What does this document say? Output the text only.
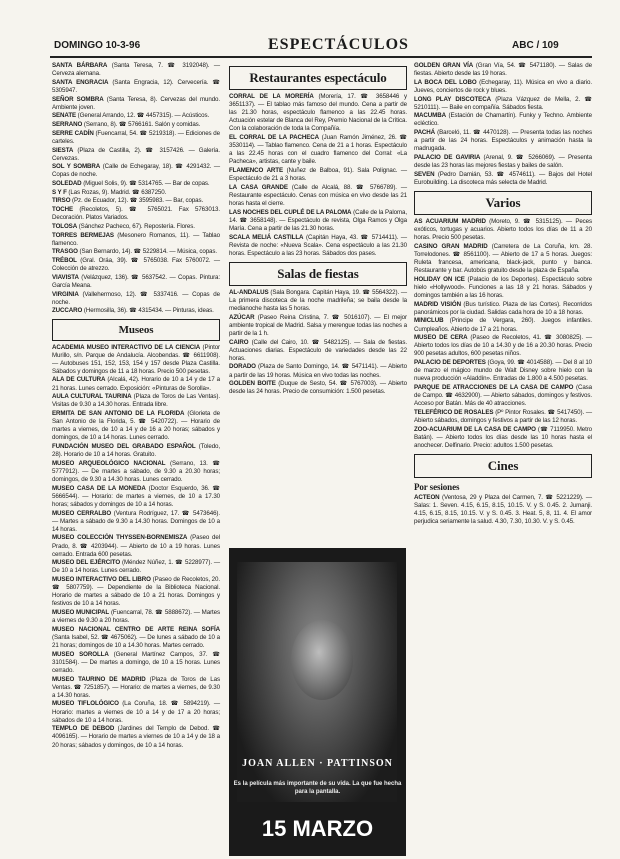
DOMINGO 10-3-96	ESPECTÁCULOS	ABC / 109
SANTA BÁRBARA (Santa Teresa, 7. ☎ 3192048). — Cerveza alemana.
SANTA ENGRACIA (Santa Engracia, 12). Cervecería. ☎ 5305947.
SEÑOR SOMBRA (Santa Teresa, 8). Cervezas del mundo. Ambiente joven.
SENATE (General Arrando, 12. ☎ 4457315). — Acústicos.
SERRANO (Serrano, 8). ☎ 5766161. Salón y comidas.
SERRE CADÍN (Fuencarral, 54. ☎ 5219318). — Ediciones de carteles.
SIESTA (Plaza de Castilla, 2). ☎ 3157426. — Galería. Cervezas.
SOL Y SOMBRA (Calle de Echegaray, 18). ☎ 4291432. — Copas de noche.
SOLEDAD (Miguel Solis, 9). ☎ 5314765. — Bar de copas.
S Y F (Las Rozas, 9). Madrid. ☎ 6387250.
TIRSO (Pz. de Ecuador, 12). ☎ 3595983. — Bar, copas.
TOCHE (Recoletos, 5). ☎ 5765021. Fax 5763013. Decoración. Platos Variados.
TOLOSA (Sánchez Pacheco, 67). Repostería. Flores.
TORRES BERMEJAS (Mesonero Romanos, 11). — Tablao flamenco.
TRASGO (San Bernardo, 14). ☎ 5229814. — Música, copas.
TRÉBOL (Gral. Oráa, 39). ☎ 5765038. Fax 5760072. — Colección de atrezzo.
VIAVISTA (Velázquez, 136). ☎ 5637542. — Copas. Pintura: García Meana.
VIRGINIA (Vallehermoso, 12). ☎ 5337416. — Copas de noche.
ZUCCARO (Hermosilla, 36). ☎ 4315434. — Pinturas, ideas.
Museos
ACADEMIA MUSEO INTERACTIVO DE LA CIENCIA (Pintor Murillo, s/n. Parque de Andalucía. Alcobendas. ☎ 6611908). — Autobuses 151, 152, 153, 154 y 157 desde Plaza Castilla. Sábados y domingos de 11 a 18 horas. Precio 500 pesetas.
ALA DE CULTURA (Alcalá, 42). Horario de 10 a 14 y de 17 a 21 horas. Lunes cerrado. Exposición: «Pinturas de Sorolla».
AULA CULTURAL TAURINA (Plaza de Toros de Las Ventas). Visitas de 9.30 a 14.30 horas. Entrada libre.
ERMITA DE SAN ANTONIO DE LA FLORIDA (Glorieta de San Antonio de la Florida, 5. ☎ 5420722). — Horario de martes a viernes, de 10 a 14 y de 16 a 20 horas; sábados y domingos, de 10 a 14 horas. Lunes cerrado.
FUNDACIÓN MUSEO DEL GRABADO ESPAÑOL (Toledo, 28). Horario de 10 a 14 horas. Gratuito.
MUSEO ARQUEOLÓGICO NACIONAL (Serrano, 13. ☎ 5777912). — De martes a sábado, de 9.30 a 20.30 horas; domingos, de 9.30 a 14.30 horas. Lunes cerrado.
MUSEO CASA DE LA MONEDA (Doctor Esquerdo, 36. ☎ 5666544). — Horario: de martes a viernes, de 10 a 17.30 horas; sábados y domingos de 10 a 14 horas.
MUSEO CERRALBO (Ventura Rodríguez, 17. ☎ 5473646). — Martes a sábado de 9.30 a 14.30 horas. Domingos de 10 a 14 horas.
MUSEO COLECCIÓN THYSSEN-BORNEMISZA (Paseo del Prado, 8. ☎ 4203944). — Abierto de 10 a 19 horas. Lunes cerrado. Entrada 600 pesetas.
MUSEO DEL EJÉRCITO (Méndez Núñez, 1. ☎ 5228977). — De 10 a 14 horas. Lunes cerrado.
MUSEO INTERACTIVO DEL LIBRO (Paseo de Recoletos, 20. ☎ 5807759). — Dependiente de la Biblioteca Nacional. Horario de martes a sábado de 10 a 21 horas. Domingos y festivos de 10 a 14 horas.
MUSEO MUNICIPAL (Fuencarral, 78. ☎ 5888672). — Martes a viernes de 9.30 a 20 horas.
MUSEO NACIONAL CENTRO DE ARTE REINA SOFÍA (Santa Isabel, 52. ☎ 4675062). — De lunes a sábado de 10 a 21 horas; domingos de 10 a 14.30 horas. Martes cerrado.
MUSEO SOROLLA (General Martínez Campos, 37. ☎ 3101584). — De martes a domingo, de 10 a 15 horas. Lunes cerrado.
MUSEO TAURINO DE MADRID (Plaza de Toros de Las Ventas. ☎ 7251857). — Horario: de martes a viernes, de 9.30 a 14.30 horas.
MUSEO TIFLOLÓGICO (La Coruña, 18. ☎ 5894219). — Horario: martes a viernes de 10 a 14 y de 17 a 20 horas; sábados de 10 a 14 horas.
TEMPLO DE DEBOD (Jardines del Templo de Debod. ☎ 4096165). — Horario de martes a viernes de 10 a 14 y de 18 a 20 horas; sábados y domingos, de 10 a 14 horas.
Restaurantes espectáculo
CORRAL DE LA MORERÍA (Morería, 17. ☎ 3658446 y 3651137). — El tablao más famoso del mundo. Cena a partir de las 21.30 horas, espectáculo flamenco a las 22.45 horas. Actuación estelar de Blanca del Rey, Premio Nacional de la Crítica. Con la colaboración de toda la Compañía.
EL CORRAL DE LA PACHECA (Juan Ramón Jiménez, 26. ☎ 3530114). — Tablao flamenco. Cena de 21 a 1 horas. Espectáculo a las 22.45 horas con el cuadro flamenco del Corral: «La Pacheca», artistas, cante y baile.
FLAMENCO ARTE (Nuñez de Balboa, 91). Sala Polignac. — Espectáculo de 21 a 3 horas.
LA CASA GRANDE (Calle de Alcalá, 88. ☎ 5766789). — Restaurante espectáculo. Cenas con música en vivo desde las 21 horas hasta el cierre.
LAS NOCHES DEL CUPLÉ DE LA PALOMA (Calle de la Paloma, 14. ☎ 3658148). — Espectáculo de revista, Olga Ramos y Olga María. Cena a partir de las 21.30 horas.
SCALA MELIÁ CASTILLA (Capitán Haya, 43. ☎ 5714411). — Revista de noche: «Nueva Scala». Cena espectáculo a las 21.30 horas. Espectáculo a las 23 horas. Sábados dos pases.
Salas de fiestas
AL-ANDALUS (Sala Bongara. Capitán Haya, 19. ☎ 5564322). — La primera discoteca de la noche madrileña; se baila desde la medianoche hasta las 5 horas.
AZÚCAR (Paseo Reina Cristina, 7. ☎ 5016107). — El mejor ambiente tropical de Madrid. Salsa y merengue todas las noches a partir de la 1 h.
CAIRO (Calle del Cairo, 10. ☎ 5482125). — Sala de fiestas. Actuaciones diarias. Espectáculo de variedades desde las 22 horas.
DORADO (Plaza de Santo Domingo, 14. ☎ 5471141). — Abierto a partir de las 19 horas. Música en vivo todas las noches.
GOLDEN BOITE (Duque de Sesto, 54. ☎ 5767003). — Abierto desde las 24 horas. Precio de consumición: 1.500 pesetas.
JOAN ALLEN · PATTINSON
Es la película más importante de su vida. La que fue hecha para la pantalla.
15 MARZO
GOLDEN GRAN VÍA (Gran Vía, 54. ☎ 5471180). — Salas de fiestas. Abierto desde las 19 horas.
LA BOCA DEL LOBO (Echegaray, 11). Música en vivo a diario. Jueves, conciertos de rock y blues.
LONG PLAY DISCOTECA (Plaza Vázquez de Mella, 2. ☎ 5210111). — Baile en compañía. Sábados fiesta.
MACUMBA (Estación de Chamartín). Funky y Techno. Ambiente ecléctico.
PACHÁ (Barceló, 11. ☎ 4470128). — Presenta todas las noches a partir de las 24 horas. Espectáculos y animación hasta la madrugada.
PALACIO DE GAVIRIA (Arenal, 9. ☎ 5266069). — Presenta desde las 23 horas las mejores fiestas y bailes de salón.
SEVEN (Pedro Damián, 53. ☎ 4574611). — Bajos del Hotel Eurobuilding. La discoteca más selecta de Madrid.
Varios
AS ACUARIUM MADRID (Moreto, 9. ☎ 5315125). — Peces exóticos, tortugas y acuarios. Abierto todos los días de 11 a 20 horas. Precio 500 pesetas.
CASINO GRAN MADRID (Carretera de La Coruña, km. 28. Torrelodones. ☎ 8561100). — Abierto de 17 a 5 horas. Juegos: Ruleta francesa, americana, black-jack, punto y banca. Restaurante y bar. Autobús gratuito desde la plaza de España.
HOLIDAY ON ICE (Palacio de los Deportes). Espectáculo sobre hielo «Hollywood». Funciones a las 18 y 21 horas. Sábados y domingos también a las 16 horas.
MADRID VISIÓN (Bus turístico. Plaza de las Cortes). Recorridos panorámicos por la ciudad. Salidas cada hora de 10 a 18 horas.
MINICLUB (Principe de Vergara, 260). Juegos infantiles. Cumpleaños. Abierto de 17 a 21 horas.
MUSEO DE CERA (Paseo de Recoletos, 41. ☎ 3080825). — Abierto todos los días de 10 a 14.30 y de 16 a 20.30 horas. Precio 900 pesetas adultos, 600 pesetas niños.
PALACIO DE DEPORTES (Goya, 99. ☎ 4014588). — Del 8 al 10 de marzo el mágico mundo de Walt Disney sobre hielo con la nueva producción «Aladdín». Entradas de 1.800 a 4.500 pesetas.
PARQUE DE ATRACCIONES DE LA CASA DE CAMPO (Casa de Campo. ☎ 4632900). — Abierto sábados, domingos y festivos. Acceso por Batán. Más de 40 atracciones.
TELEFÉRICO DE ROSALES (Pº Pintor Rosales. ☎ 5417450). — Abierto sábados, domingos y festivos a partir de las 12 horas.
ZOO-ACUARIUM DE LA CASA DE CAMPO (☎ 7119950. Metro Batán). — Abierto todos los días desde las 10 horas hasta el anochecer. Delfinario. Precio: adultos 1.500 pesetas.
Cines
Por sesiones
ACTEON (Ventosa, 29 y Plaza del Carmen, 7. ☎ 5221229). — Salas: 1. Seven. 4.15, 6.15, 8.15, 10.15. V. y S. 0.45. 2. Jumanji. 4.15, 6.15, 8.15, 10.15. V. y S. 0.45. 3. Heat. 5, 8, 11. 4. El amor perjudica seriamente la salud. 4.30, 7.30, 10.30. V. y S. 0.45.
